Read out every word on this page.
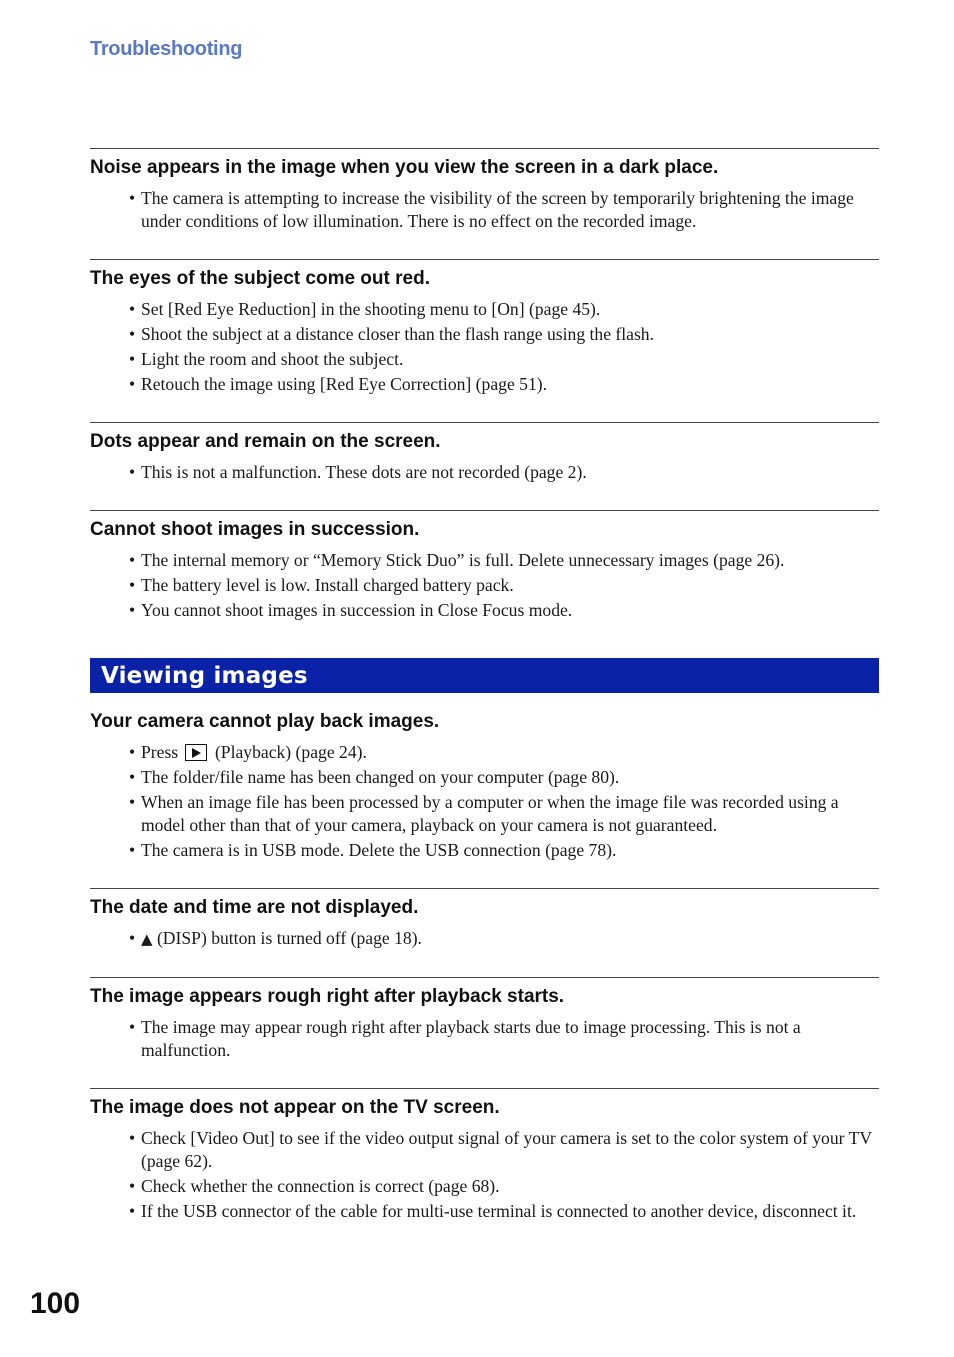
Troubleshooting
Noise appears in the image when you view the screen in a dark place.
• The camera is attempting to increase the visibility of the screen by temporarily brightening the image under conditions of low illumination. There is no effect on the recorded image.
The eyes of the subject come out red.
• Set [Red Eye Reduction] in the shooting menu to [On] (page 45).
• Shoot the subject at a distance closer than the flash range using the flash.
• Light the room and shoot the subject.
• Retouch the image using [Red Eye Correction] (page 51).
Dots appear and remain on the screen.
• This is not a malfunction. These dots are not recorded (page 2).
Cannot shoot images in succession.
• The internal memory or “Memory Stick Duo” is full. Delete unnecessary images (page 26).
• The battery level is low. Install charged battery pack.
• You cannot shoot images in succession in Close Focus mode.
Viewing images
Your camera cannot play back images.
• Press  (Playback) (page 24).
• The folder/file name has been changed on your computer (page 80).
• When an image file has been processed by a computer or when the image file was recorded using a model other than that of your camera, playback on your camera is not guaranteed.
• The camera is in USB mode. Delete the USB connection (page 78).
The date and time are not displayed.
• ▲ (DISP) button is turned off (page 18).
The image appears rough right after playback starts.
• The image may appear rough right after playback starts due to image processing. This is not a malfunction.
The image does not appear on the TV screen.
• Check [Video Out] to see if the video output signal of your camera is set to the color system of your TV (page 62).
• Check whether the connection is correct (page 68).
• If the USB connector of the cable for multi-use terminal is connected to another device, disconnect it.
100
